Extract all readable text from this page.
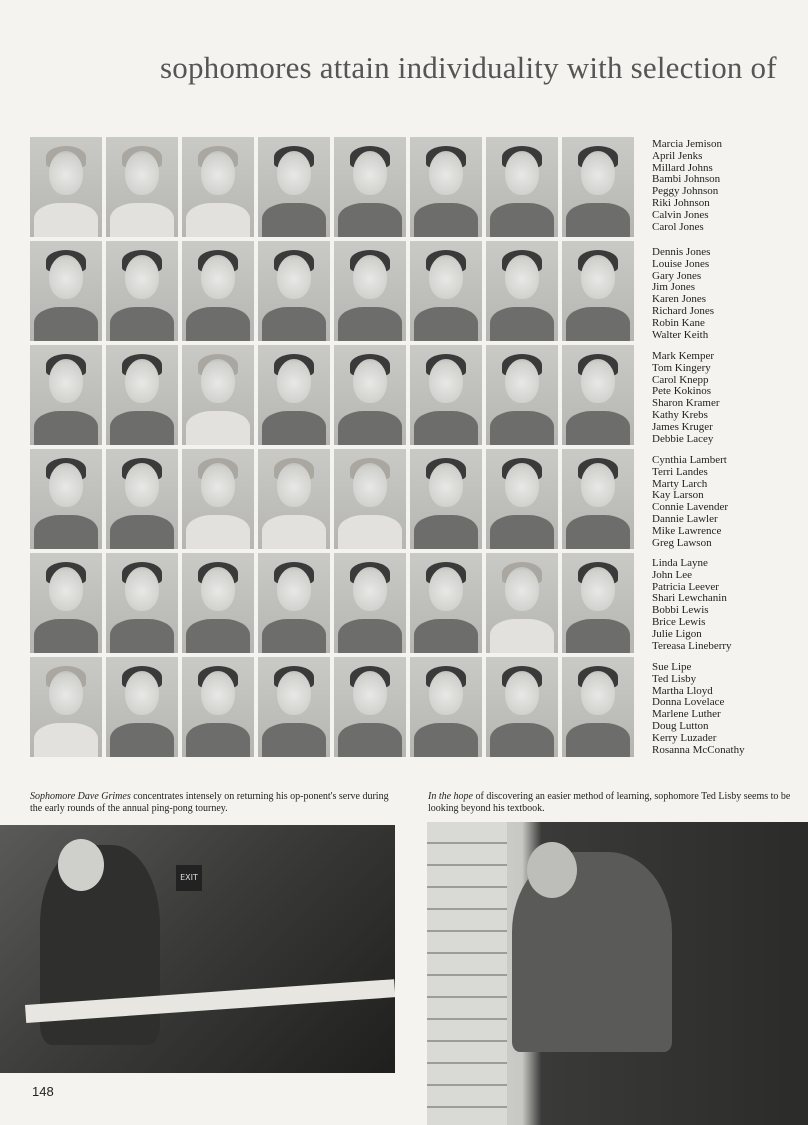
sophomores attain individuality with selection of
Marcia Jemison
April Jenks
Millard Johns
Bambi Johnson
Peggy Johnson
Riki Johnson
Calvin Jones
Carol Jones
Dennis Jones
Louise Jones
Gary Jones
Jim Jones
Karen Jones
Richard Jones
Robin Kane
Walter Keith
Mark Kemper
Tom Kingery
Carol Knepp
Pete Kokinos
Sharon Kramer
Kathy Krebs
James Kruger
Debbie Lacey
Cynthia Lambert
Terri Landes
Marty Larch
Kay Larson
Connie Lavender
Dannie Lawler
Mike Lawrence
Greg Lawson
Linda Layne
John Lee
Patricia Leever
Shari Lewchanin
Bobbi Lewis
Brice Lewis
Julie Ligon
Tereasa Lineberry
Sue Lipe
Ted Lisby
Martha Lloyd
Donna Lovelace
Marlene Luther
Doug Lutton
Kerry Luzader
Rosanna McConathy
Sophomore Dave Grimes concentrates intensely on returning his op-ponent's serve during the early rounds of the annual ping-pong tourney.
In the hope of discovering an easier method of learning, sophomore Ted Lisby seems to be looking beyond his textbook.
EXIT
148
